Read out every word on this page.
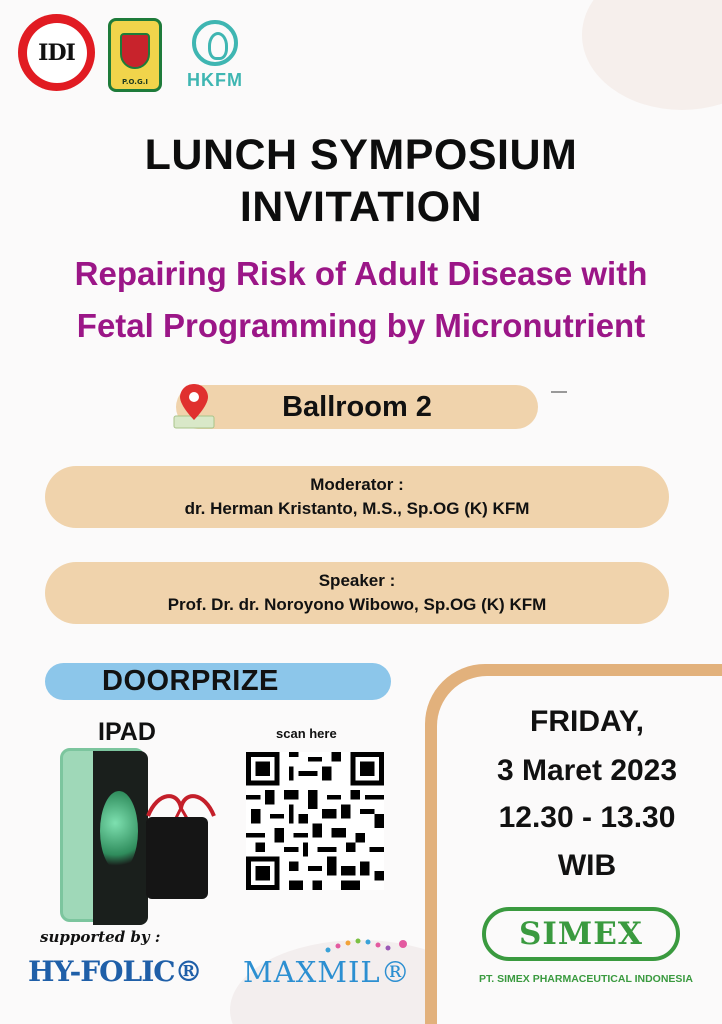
IDI
P.O.G.I	HKFM
LUNCH SYMPOSIUM
INVITATION
Repairing Risk of Adult Disease with
Fetal Programming by Micronutrient
Ballroom 2
Moderator :
dr. Herman Kristanto, M.S., Sp.OG (K) KFM
Speaker :
Prof. Dr. dr. Noroyono Wibowo, Sp.OG (K) KFM
DOORPRIZE
IPAD	scan here	FRIDAY,
3 Maret 2023
12.30 - 13.30
WIB
SIMEX
PT. SIMEX PHARMACEUTICAL INDONESIA
supported by :
HY-FOLIC® MAXMIL®
